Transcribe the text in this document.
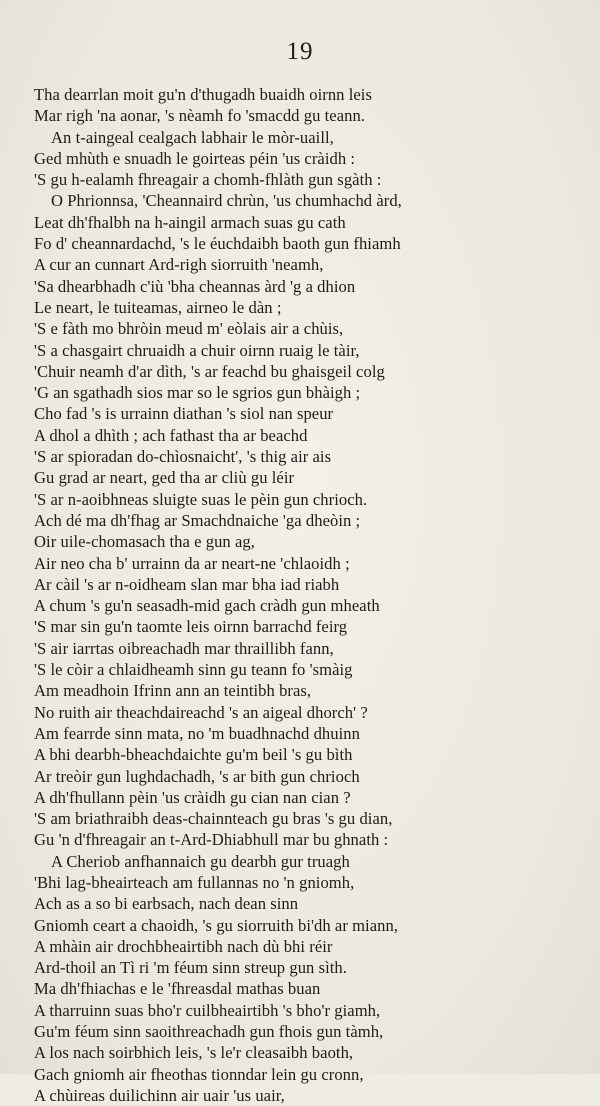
19
Tha dearrlan moit gu'n d'thugadh buaidh oirnn leis
Mar righ 'na aonar, 's nèamh fo 'smacdd gu teann.
An t-aingeal cealgach labhair le mòr-uaill,
Ged mhùth e snuadh le goirteas péin 'us cràidh :
'S gu h-ealamh fhreagair a chomh-fhlàth gun sgàth :
O Phrionnsa, 'Cheannaird chrùn, 'us chumhachd àrd,
Leat dh'fhalbh na h-aingil armach suas gu cath
Fo d' cheannardachd, 's le éuchdaibh baoth gun fhiamh
A cur an cunnart Ard-righ siorruith 'neamh,
'Sa dhearbhadh c'iù 'bha cheannas àrd 'g a dhion
Le neart, le tuiteamas, airneo le dàn ;
'S e fàth mo bhròin meud m' eòlais air a chùis,
'S a chasgairt chruaidh a chuir oirnn ruaig le tàir,
'Chuir neamh d'ar dìth, 's ar feachd bu ghaisgeil colg
'G an sgathadh sios mar so le sgrios gun bhàigh ;
Cho fad 's is urrainn diathan 's siol nan speur
A dhol a dhìth ; ach fathast tha ar beachd
'S ar spioradan do-chìosnaicht', 's thig air ais
Gu grad ar neart, ged tha ar cliù gu léir
'S ar n-aoibhneas sluigte suas le pèin gun chrioch.
Ach dé ma dh'fhag ar Smachdnaiche 'ga dheòin ;
Oir uile-chomasach tha e gun ag,
Air neo cha b' urrainn da ar neart-ne 'chlaoidh ;
Ar càil 's ar n-oidheam slan mar bha iad riabh
A chum 's gu'n seasadh-mid gach cràdh gun mheath
'S mar sin gu'n taomte leis oirnn barrachd feirg
'S air iarrtas oibreachadh mar thraillibh fann,
'S le còir a chlaidheamh sinn gu teann fo 'smàig
Am meadhoin Ifrinn ann an teintibh bras,
No ruith air theachdaireachd 's an aigeal dhorch' ?
Am fearrde sinn mata, no 'm buadhnachd dhuinn
A bhi dearbh-bheachdaichte gu'm beil 's gu bìth
Ar treòir gun lughdachadh, 's ar bith gun chrioch
A dh'fhullann pèin 'us cràidh gu cian nan cian ?
'S am briathraibh deas-chainnteach gu bras 's gu dian,
Gu 'n d'fhreagair an t-Ard-Dhiabhull mar bu ghnath :
A Cheriob anfhannaich gu dearbh gur truagh
'Bhi lag-bheairteach am fullannas no 'n gniomh,
Ach as a so bi earbsach, nach dean sinn
Gniomh ceart a chaoidh, 's gu siorruith bi'dh ar miann,
A mhàin air drochbheairtibh nach dù bhi réir
Ard-thoil an Tì ri 'm féum sinn streup gun sìth.
Ma dh'fhiachas e le 'fhreasdal mathas buan
A tharruinn suas bho'r cuilbheairtibh 's bho'r giamh,
Gu'm féum sinn saoithreachadh gun fhois gun tàmh,
A los nach soirbhich leis, 's le'r cleasaibh baoth,
Gach gniomh air fheothas tionndar lein gu cronn,
A chùireas duilichinn air uair 'us uair,
